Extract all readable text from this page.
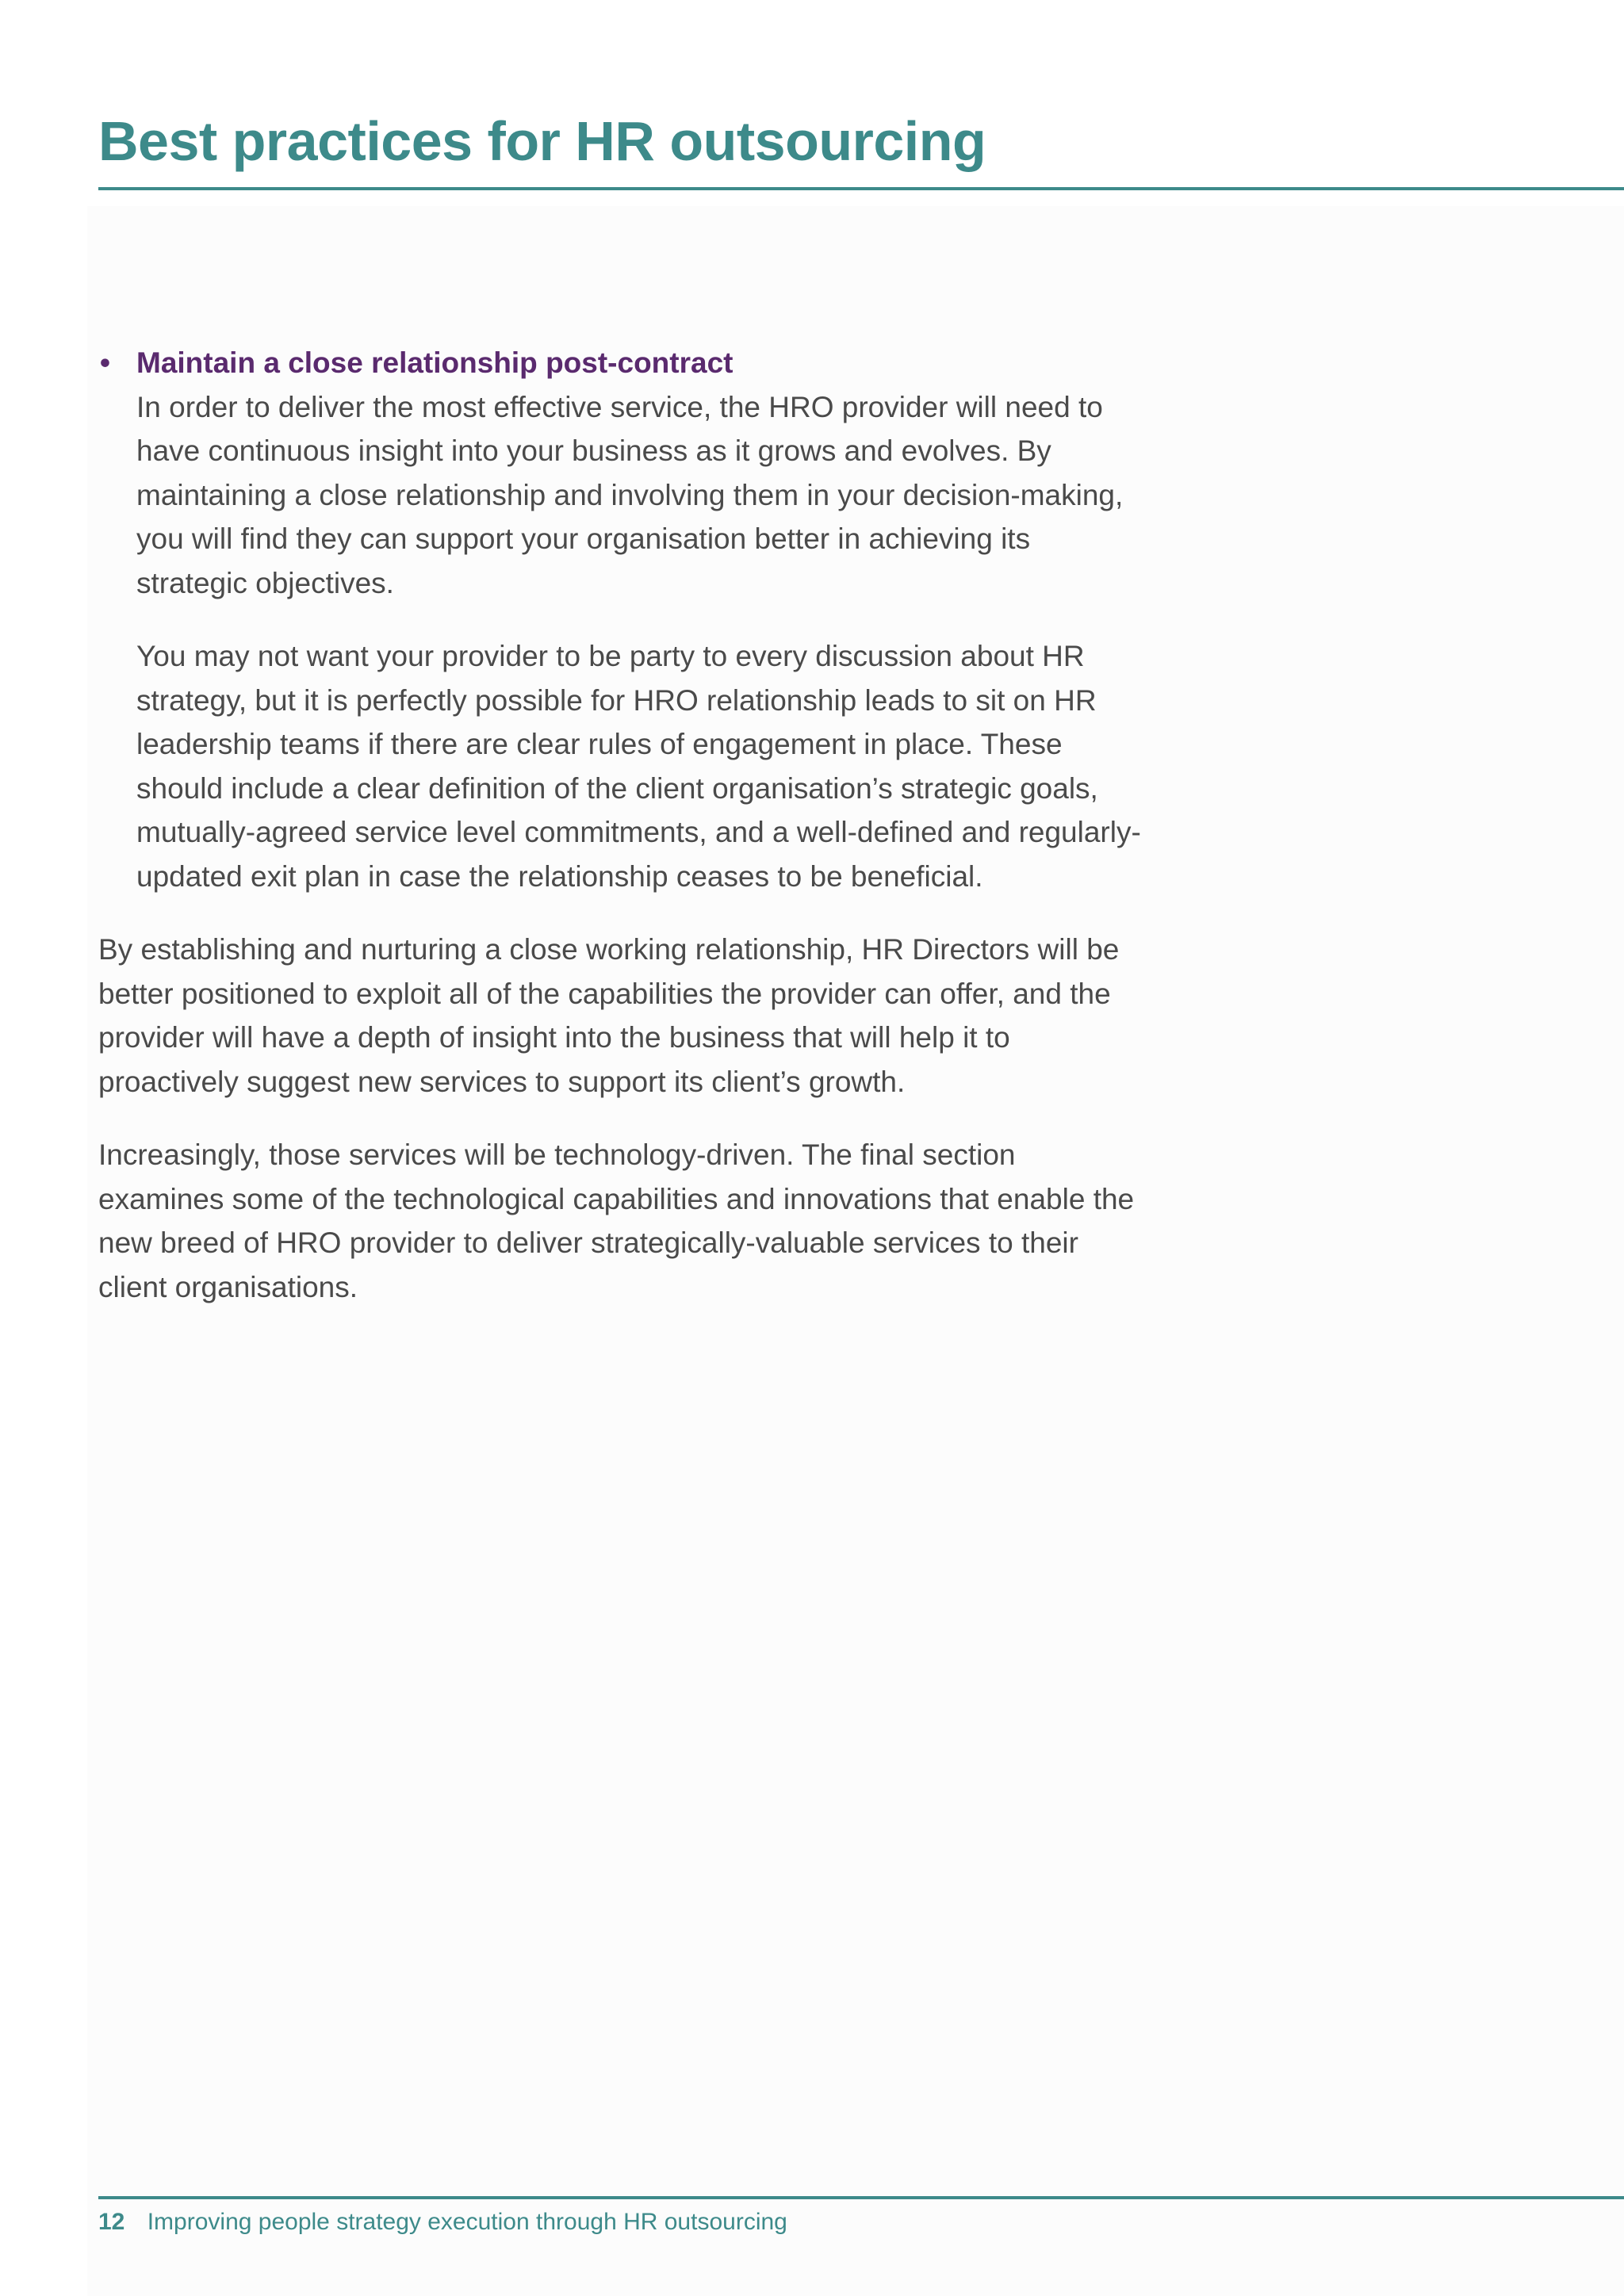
Best practices for HR outsourcing
• Maintain a close relationship post-contract

In order to deliver the most effective service, the HRO provider will need to have continuous insight into your business as it grows and evolves. By maintaining a close relationship and involving them in your decision-making, you will find they can support your organisation better in achieving its strategic objectives.

You may not want your provider to be party to every discussion about HR strategy, but it is perfectly possible for HRO relationship leads to sit on HR leadership teams if there are clear rules of engagement in place. These should include a clear definition of the client organisation’s strategic goals, mutually-agreed service level commitments, and a well-defined and regularly-updated exit plan in case the relationship ceases to be beneficial.

By establishing and nurturing a close working relationship, HR Directors will be better positioned to exploit all of the capabilities the provider can offer, and the provider will have a depth of insight into the business that will help it to proactively suggest new services to support its client’s growth.

Increasingly, those services will be technology-driven. The final section examines some of the technological capabilities and innovations that enable the new breed of HRO provider to deliver strategically-valuable services to their client organisations.

12 Improving people strategy execution through HR outsourcing
